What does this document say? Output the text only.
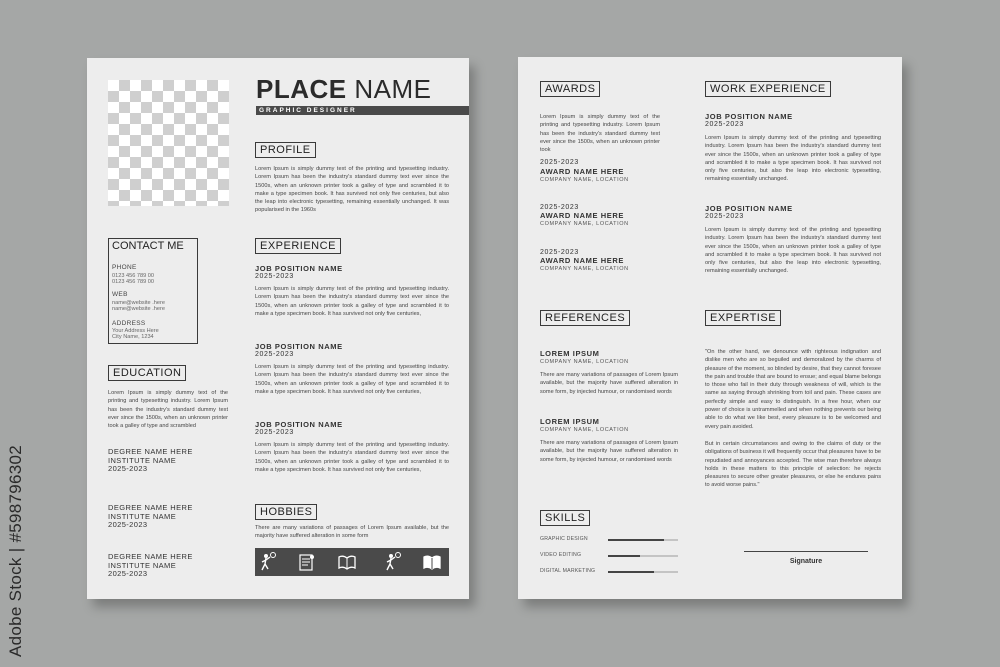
Adobe Stock | #598796302
PLACE NAME
GRAPHIC DESIGNER
PROFILE
Lorem Ipsum is simply dummy text of the printing and typesetting industry. Lorem Ipsum has been the industry's standard dummy text ever since the 1500s, when an unknown printer took a galley of type and scrambled it to make a type specimen book. It has survived not only five centuries, but also the leap into electronic typesetting, remaining essentially unchanged. It was popularised in the 1960s
CONTACT ME
PHONE
0123 456 789 00
0123 456 789 00
WEB
name@website .here
name@website .here
ADDRESS
Your Address Here
City Name, 1234
EXPERIENCE
JOB POSITION NAME
2025-2023
Lorem Ipsum is simply dummy text of the printing and typesetting industry. Lorem Ipsum has been the industry's standard dummy text ever since the 1500s, when an unknown printer took a galley of type and scrambled it to make a type specimen book. It has survived not only five centuries,
JOB POSITION NAME
2025-2023
Lorem Ipsum is simply dummy text of the printing and typesetting industry. Lorem Ipsum has been the industry's standard dummy text ever since the 1500s, when an unknown printer took a galley of type and scrambled it to make a type specimen book. It has survived not only five centuries,
JOB POSITION NAME
2025-2023
Lorem Ipsum is simply dummy text of the printing and typesetting industry. Lorem Ipsum has been the industry's standard dummy text ever since the 1500s, when an unknown printer took a galley of type and scrambled it to make a type specimen book. It has survived not only five centuries,
EDUCATION
Lorem Ipsum is simply dummy text of the printing and typesetting industry. Lorem Ipsum has been the industry's standard dummy text ever since the 1500s, when an unknown printer took a galley of type and scrambled
DEGREE NAME HERE
INSTITUTE NAME
2025-2023
DEGREE NAME HERE
INSTITUTE NAME
2025-2023
DEGREE NAME HERE
INSTITUTE NAME
2025-2023
HOBBIES
There are many variations of passages of Lorem Ipsum available, but the majority have suffered alteration in some form
AWARDS
Lorem Ipsum is simply dummy text of the printing and typesetting industry. Lorem Ipsum has been the industry's standard dummy text ever since the 1500s, when an unknown printer took
2025-2023
AWARD NAME HERE
COMPANY NAME, LOCATION
2025-2023
AWARD NAME HERE
COMPANY NAME, LOCATION
2025-2023
AWARD NAME HERE
COMPANY NAME, LOCATION
WORK EXPERIENCE
JOB POSITION NAME
2025-2023
Lorem Ipsum is simply dummy text of the printing and typesetting industry. Lorem Ipsum has been the industry's standard dummy text ever since the 1500s, when an unknown printer took a galley of type and scrambled it to make a type specimen book. It has survived not only five centuries, but also the leap into electronic typesetting, remaining essentially unchanged.
JOB POSITION NAME
2025-2023
Lorem Ipsum is simply dummy text of the printing and typesetting industry. Lorem Ipsum has been the industry's standard dummy text ever since the 1500s, when an unknown printer took a galley of type and scrambled it to make a type specimen book. It has survived not only five centuries, but also the leap into electronic typesetting, remaining essentially unchanged.
REFERENCES
LOREM IPSUM
COMPANY NAME, LOCATION
There are many variations of passages of Lorem Ipsum available, but the majority have suffered alteration in some form, by injected humour, or randomised words
LOREM IPSUM
COMPANY NAME, LOCATION
There are many variations of passages of Lorem Ipsum available, but the majority have suffered alteration in some form, by injected humour, or randomised words
EXPERTISE
"On the other hand, we denounce with righteous indignation and dislike men who are so beguiled and demoralized by the charms of pleasure of the moment, so blinded by desire, that they cannot foresee the pain and trouble that are bound to ensue; and equal blame belongs to those who fail in their duty through weakness of will, which is the same as saying through shrinking from toil and pain. These cases are perfectly simple and easy to distinguish. In a free hour, when our power of choice is untrammelled and when nothing prevents our being able to do what we like best, every pleasure is to be welcomed and every pain avoided.
But in certain circumstances and owing to the claims of duty or the obligations of business it will frequently occur that pleasures have to be repudiated and annoyances accepted. The wise man therefore always holds in these matters to this principle of selection: he rejects pleasures to secure other greater pleasures, or else he endures pains to avoid worse pains."
SKILLS
GRAPHIC DESIGN
VIDEO EDITING
DIGITAL MARKETING
Signature
